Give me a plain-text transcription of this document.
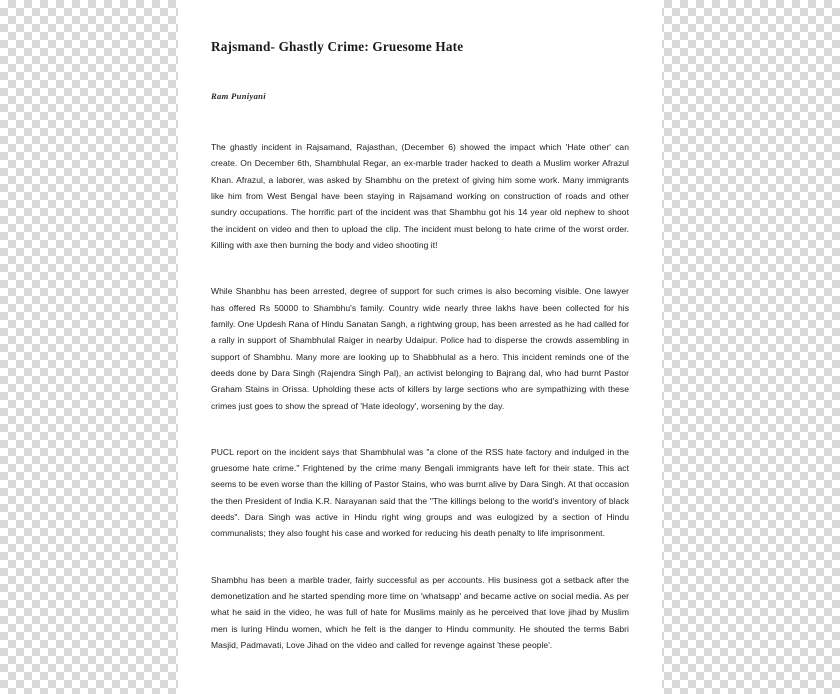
Rajsmand- Ghastly Crime: Gruesome Hate
Ram Puniyani

The ghastly incident in Rajsamand, Rajasthan, (December 6) showed the impact which 'Hate other' can create. On December 6th, Shambhulal Regar, an ex-marble trader hacked to death a Muslim worker Afrazul Khan. Afrazul, a laborer, was asked by Shambhu on the pretext of giving him some work. Many immigrants like him from West Bengal have been staying in Rajsamand working on construction of roads and other sundry occupations. The horrific part of the incident was that Shambhu got his 14 year old nephew to shoot the incident on video and then to upload the clip. The incident must belong to hate crime of the worst order. Killing with axe then burning the body and video shooting it!

While Shanbhu has been arrested, degree of support for such crimes is also becoming visible. One lawyer has offered Rs 50000 to Shambhu's family. Country wide nearly three lakhs have been collected for his family. One Updesh Rana of Hindu Sanatan Sangh, a rightwing group, has been arrested as he had called for a rally in support of Shambhulal Raiger in nearby Udaipur. Police had to disperse the crowds assembling in support of Shambhu. Many more are looking up to Shabbhulal as a hero. This incident reminds one of the deeds done by Dara Singh (Rajendra Singh Pal), an activist belonging to Bajrang dal, who had burnt Pastor Graham Stains in Orissa. Upholding these acts of killers by large sections who are sympathizing with these crimes just goes to show the spread of 'Hate ideology', worsening by the day.

PUCL report on the incident says that Shambhulal was "a clone of the RSS hate factory and indulged in the gruesome hate crime." Frightened by the crime many Bengali immigrants have left for their state. This act seems to be even worse than the killing of Pastor Stains, who was burnt alive by Dara Singh. At that occasion the then President of India K.R. Narayanan said that the "The killings belong to the world's inventory of black deeds". Dara Singh was active in Hindu right wing groups and was eulogized by a section of Hindu communalists; they also fought his case and worked for reducing his death penalty to life imprisonment.

Shambhu has been a marble trader, fairly successful as per accounts. His business got a setback after the demonetization and he started spending more time on 'whatsapp' and became active on social media. As per what he said in the video, he was full of hate for Muslims mainly as he perceived that love jihad by Muslim men is luring Hindu women, which he felt is the danger to Hindu community. He shouted the terms Babri Masjid, Padmavati, Love Jihad on the video and called for revenge against 'these people'.
